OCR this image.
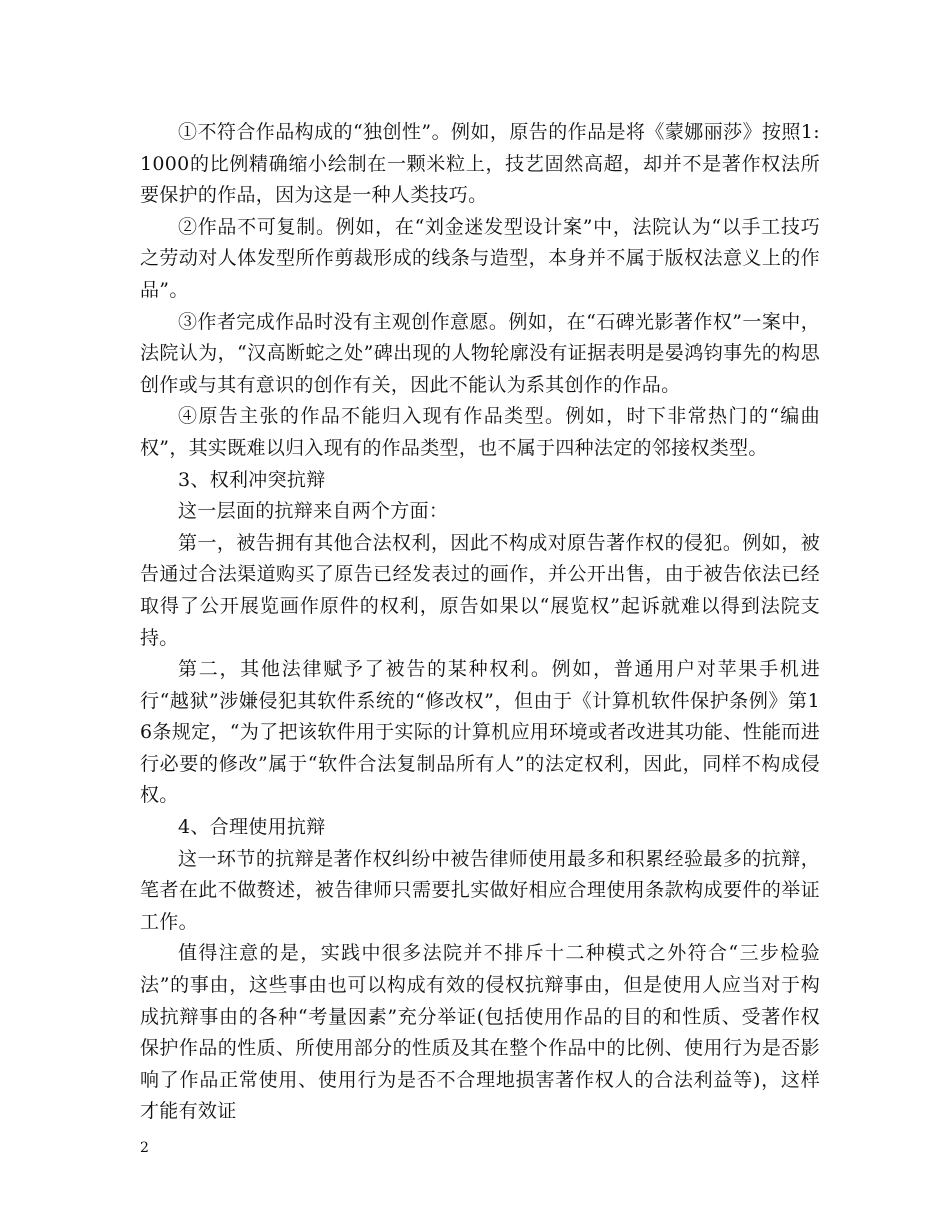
①不符合作品构成的“独创性”。例如，原告的作品是将《蒙娜丽莎》按照1:1000的比例精确缩小绘制在一颗米粒上，技艺固然高超，却并不是著作权法所要保护的作品，因为这是一种人类技巧。

②作品不可复制。例如，在“刘金迷发型设计案”中，法院认为“以手工技巧之劳动对人体发型所作剪裁形成的线条与造型，本身并不属于版权法意义上的作品”。

③作者完成作品时没有主观创作意愿。例如，在“石碑光影著作权”一案中，法院认为，“汉高断蛇之处”碑出现的人物轮廓没有证据表明是晏鸿钧事先的构思创作或与其有意识的创作有关，因此不能认为系其创作的作品。

④原告主张的作品不能归入现有作品类型。例如，时下非常热门的“编曲权”，其实既难以归入现有的作品类型，也不属于四种法定的邻接权类型。

3、权利冲突抗辩

这一层面的抗辩来自两个方面：

第一，被告拥有其他合法权利，因此不构成对原告著作权的侵犯。例如，被告通过合法渠道购买了原告已经发表过的画作，并公开出售，由于被告依法已经取得了公开展览画作原件的权利，原告如果以“展览权”起诉就难以得到法院支持。

第二，其他法律赋予了被告的某种权利。例如，普通用户对苹果手机进行“越狱”涉嫌侵犯其软件系统的“修改权”，但由于《计算机软件保护条例》第16条规定，“为了把该软件用于实际的计算机应用环境或者改进其功能、性能而进行必要的修改”属于“软件合法复制品所有人”的法定权利，因此，同样不构成侵权。

4、合理使用抗辩

这一环节的抗辩是著作权纠纷中被告律师使用最多和积累经验最多的抗辩，笔者在此不做赘述，被告律师只需要扎实做好相应合理使用条款构成要件的举证工作。

值得注意的是，实践中很多法院并不排斥十二种模式之外符合“三步检验法”的事由，这些事由也可以构成有效的侵权抗辩事由，但是使用人应当对于构成抗辩事由的各种“考量因素”充分举证(包括使用作品的目的和性质、受著作权保护作品的性质、所使用部分的性质及其在整个作品中的比例、使用行为是否影响了作品正常使用、使用行为是否不合理地损害著作权人的合法利益等)，这样才能有效证

2
